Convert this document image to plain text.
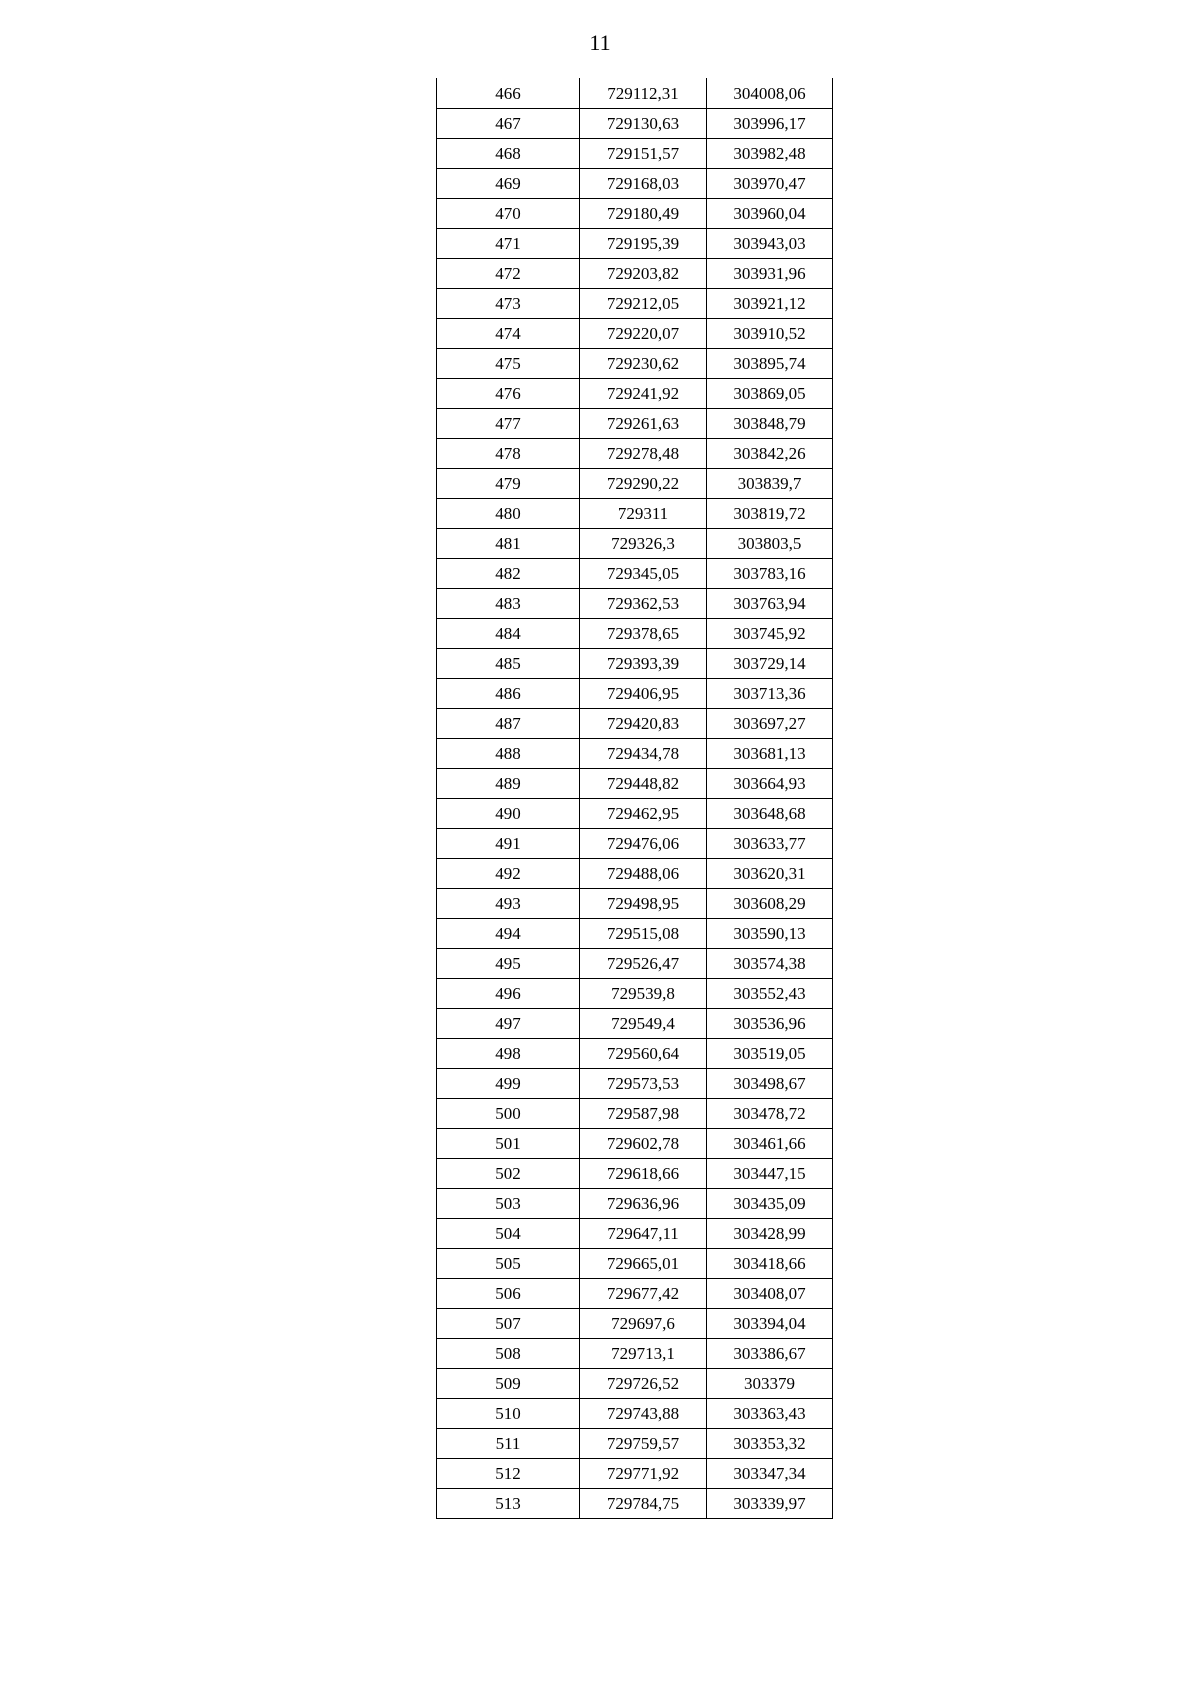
11
466	729112,31	304008,06
467	729130,63	303996,17
468	729151,57	303982,48
469	729168,03	303970,47
470	729180,49	303960,04
471	729195,39	303943,03
472	729203,82	303931,96
473	729212,05	303921,12
474	729220,07	303910,52
475	729230,62	303895,74
476	729241,92	303869,05
477	729261,63	303848,79
478	729278,48	303842,26
479	729290,22	303839,7
480	729311	303819,72
481	729326,3	303803,5
482	729345,05	303783,16
483	729362,53	303763,94
484	729378,65	303745,92
485	729393,39	303729,14
486	729406,95	303713,36
487	729420,83	303697,27
488	729434,78	303681,13
489	729448,82	303664,93
490	729462,95	303648,68
491	729476,06	303633,77
492	729488,06	303620,31
493	729498,95	303608,29
494	729515,08	303590,13
495	729526,47	303574,38
496	729539,8	303552,43
497	729549,4	303536,96
498	729560,64	303519,05
499	729573,53	303498,67
500	729587,98	303478,72
501	729602,78	303461,66
502	729618,66	303447,15
503	729636,96	303435,09
504	729647,11	303428,99
505	729665,01	303418,66
506	729677,42	303408,07
507	729697,6	303394,04
508	729713,1	303386,67
509	729726,52	303379
510	729743,88	303363,43
511	729759,57	303353,32
512	729771,92	303347,34
513	729784,75	303339,97
